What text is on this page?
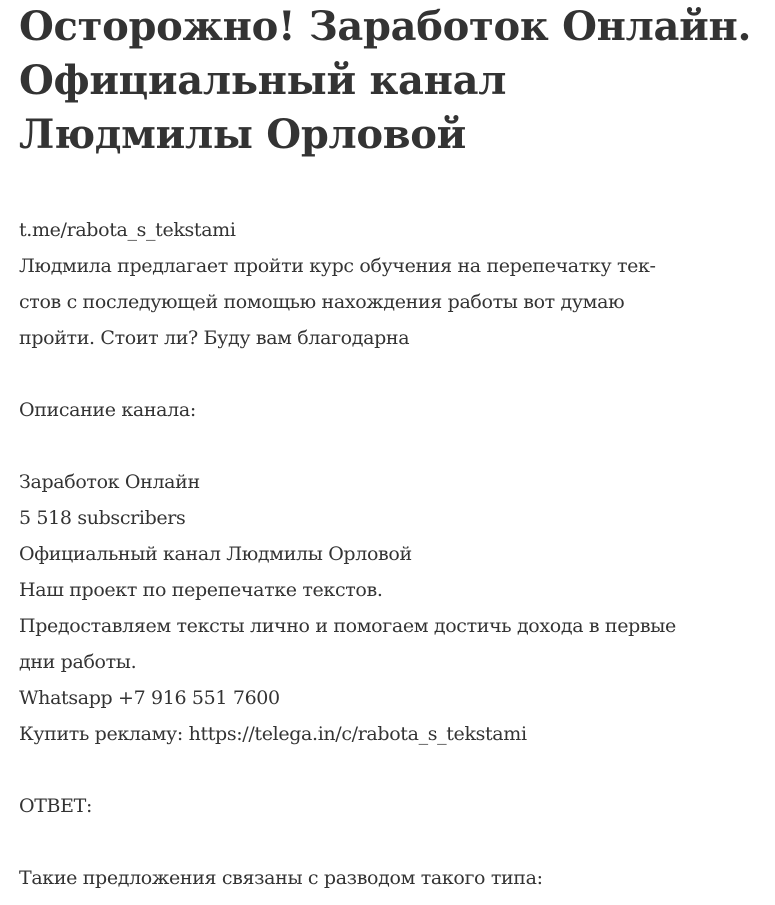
Осторожно! Заработок Онлайн.
Официальный канал
Людмилы Орловой
t.me/rabota_s_tekstami
Людмила предлагает пройти курс обучения на перепечатку тек-
стов с последующей помощью нахождения работы вот думаю
пройти. Стоит ли? Буду вам благодарна
Описание канала:
Заработок Онлайн
5 518 subscribers
Официальный канал Людмилы Орловой
Наш проект по перепечатке текстов.
Предоставляем тексты лично и помогаем достичь дохода в первые
дни работы.
Whatsapp +7 916 551 7600
Купить рекламу: https://telega.in/c/rabota_s_tekstami
ОТВЕТ:
Такие предложения связаны с разводом такого типа:
